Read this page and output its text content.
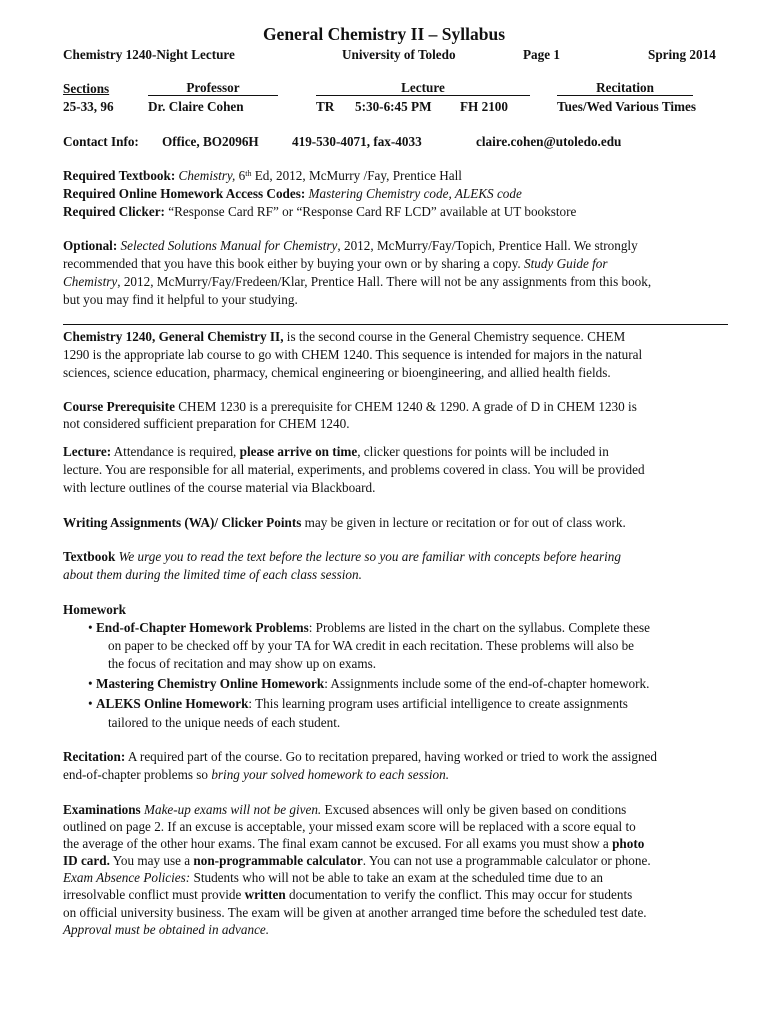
General Chemistry II – Syllabus
Chemistry 1240-Night Lecture	University of Toledo	Page 1	Spring 2014
Sections	Professor	Lecture	Recitation
25-33, 96	Dr. Claire Cohen	TR 5:30-6:45 PM FH 2100	Tues/Wed Various Times
Contact Info: Office, BO2096H	419-530-4071, fax-4033	claire.cohen@utoledo.edu
Required Textbook: Chemistry, 6th Ed, 2012, McMurry /Fay, Prentice Hall
Required Online Homework Access Codes: Mastering Chemistry code, ALEKS code
Required Clicker: “Response Card RF” or “Response Card RF LCD” available at UT bookstore
Optional: Selected Solutions Manual for Chemistry, 2012, McMurry/Fay/Topich, Prentice Hall. We strongly
recommended that you have this book either by buying your own or by sharing a copy. Study Guide for
Chemistry, 2012, McMurry/Fay/Fredeen/Klar, Prentice Hall. There will not be any assignments from this book,
but you may find it helpful to your studying.
Chemistry 1240, General Chemistry II, is the second course in the General Chemistry sequence. CHEM
1290 is the appropriate lab course to go with CHEM 1240. This sequence is intended for majors in the natural
sciences, science education, pharmacy, chemical engineering or bioengineering, and allied health fields.
Course Prerequisite CHEM 1230 is a prerequisite for CHEM 1240 & 1290. A grade of D in CHEM 1230 is
not considered sufficient preparation for CHEM 1240.
Lecture: Attendance is required, please arrive on time, clicker questions for points will be included in
lecture. You are responsible for all material, experiments, and problems covered in class. You will be provided
with lecture outlines of the course material via Blackboard.
Writing Assignments (WA)/ Clicker Points may be given in lecture or recitation or for out of class work.
Textbook We urge you to read the text before the lecture so you are familiar with concepts before hearing
about them during the limited time of each class session.
Homework
• End-of-Chapter Homework Problems: Problems are listed in the chart on the syllabus. Complete these
on paper to be checked off by your TA for WA credit in each recitation. These problems will also be
the focus of recitation and may show up on exams.
• Mastering Chemistry Online Homework: Assignments include some of the end-of-chapter homework.
• ALEKS Online Homework: This learning program uses artificial intelligence to create assignments
tailored to the unique needs of each student.
Recitation: A required part of the course. Go to recitation prepared, having worked or tried to work the assigned
end-of-chapter problems so bring your solved homework to each session.
Examinations Make-up exams will not be given. Excused absences will only be given based on conditions
outlined on page 2. If an excuse is acceptable, your missed exam score will be replaced with a score equal to
the average of the other hour exams. The final exam cannot be excused. For all exams you must show a photo
ID card. You may use a non-programmable calculator. You can not use a programmable calculator or phone.
Exam Absence Policies: Students who will not be able to take an exam at the scheduled time due to an
irresolvable conflict must provide written documentation to verify the conflict. This may occur for students
on official university business. The exam will be given at another arranged time before the scheduled test date.
Approval must be obtained in advance.
